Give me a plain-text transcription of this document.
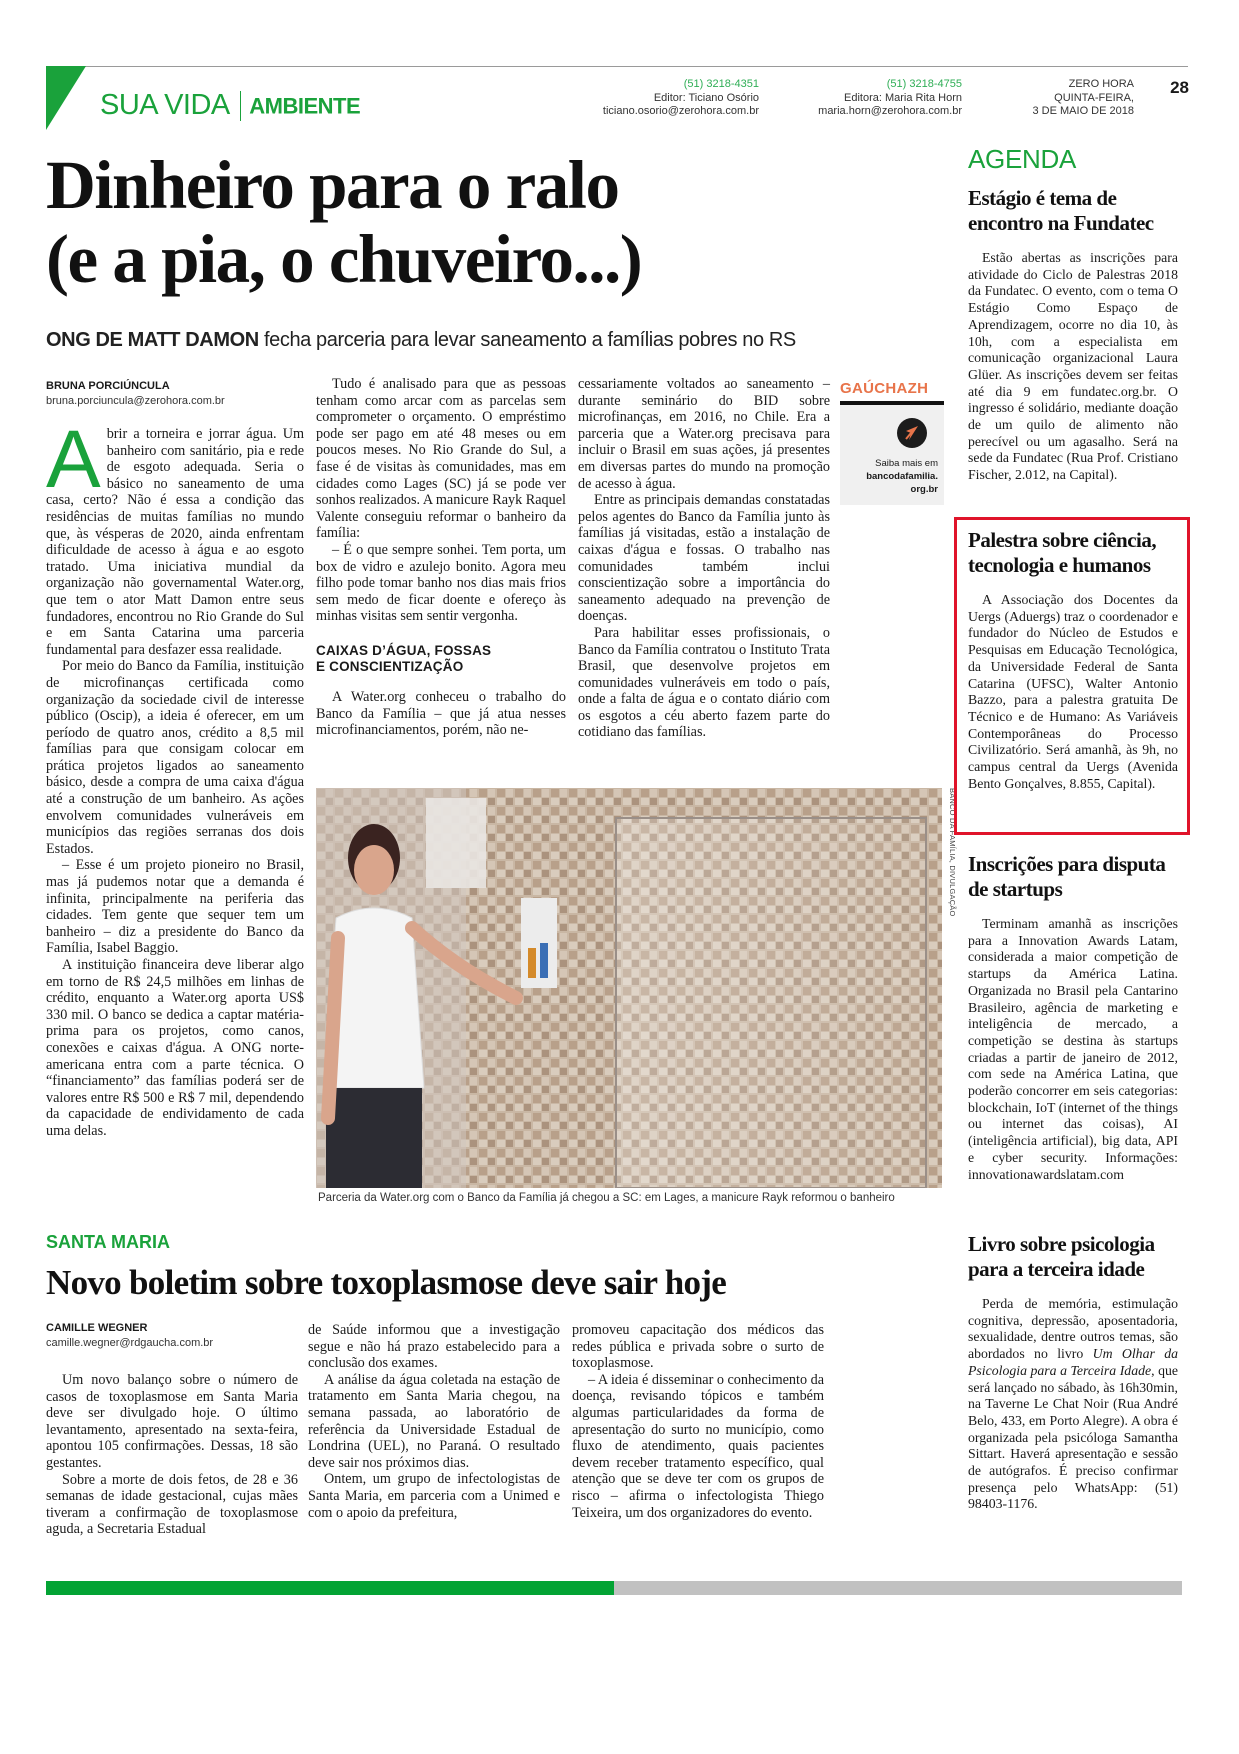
SUA VIDA AMBIENTE
(51) 3218-4351
Editor: Ticiano Osório
ticiano.osorio@zerohora.com.br
(51) 3218-4755
Editora: Maria Rita Horn
maria.horn@zerohora.com.br
ZERO HORA
QUINTA-FEIRA,
3 DE MAIO DE 2018
28
Dinheiro para o ralo
(e a pia, o chuveiro...)
ONG DE MATT DAMON fecha parceria para levar saneamento a famílias pobres no RS
BRUNA PORCIÚNCULA
bruna.porciuncula@zerohora.com.br

Abrir a torneira e jorrar água. Um banheiro com sanitário, pia e rede de esgoto adequada. Seria o básico no saneamento de uma casa, certo? Não é essa a condição das residências de muitas famílias no mundo que, às vésperas de 2020, ainda enfrentam dificuldade de acesso à água e ao esgoto tratado. Uma iniciativa mundial da organização não governamental Water.org, que tem o ator Matt Damon entre seus fundadores, encontrou no Rio Grande do Sul e em Santa Catarina uma parceria fundamental para desfazer essa realidade.

Por meio do Banco da Família, instituição de microfinanças certificada como organização da sociedade civil de interesse público (Oscip), a ideia é oferecer, em um período de quatro anos, crédito a 8,5 mil famílias para que consigam colocar em prática projetos ligados ao saneamento básico, desde a compra de uma caixa d'água até a construção de um banheiro. As ações envolvem comunidades vulneráveis em municípios das regiões serranas dos dois Estados.

– Esse é um projeto pioneiro no Brasil, mas já pudemos notar que a demanda é infinita, principalmente na periferia das cidades. Tem gente que sequer tem um banheiro – diz a presidente do Banco da Família, Isabel Baggio.

A instituição financeira deve liberar algo em torno de R$ 24,5 milhões em linhas de crédito, enquanto a Water.org aporta US$ 330 mil. O banco se dedica a captar matéria-prima para os projetos, como canos, conexões e caixas d'água. A ONG norte-americana entra com a parte técnica. O “financiamento” das famílias poderá ser de valores entre R$ 500 e R$ 7 mil, dependendo da capacidade de endividamento de cada uma delas.

Tudo é analisado para que as pessoas tenham como arcar com as parcelas sem comprometer o orçamento. O empréstimo pode ser pago em até 48 meses ou em poucos meses. No Rio Grande do Sul, a fase é de visitas às comunidades, mas em cidades como Lages (SC) já se pode ver sonhos realizados. A manicure Rayk Raquel Valente conseguiu reformar o banheiro da família:

– É o que sempre sonhei. Tem porta, um box de vidro e azulejo bonito. Agora meu filho pode tomar banho nos dias mais frios sem medo de ficar doente e ofereço às minhas visitas sem sentir vergonha.

CAIXAS D’ÁGUA, FOSSAS
E CONSCIENTIZAÇÃO

A Water.org conheceu o trabalho do Banco da Família – que já atua nesses microfinanciamentos, porém, não ne-

cessariamente voltados ao saneamento – durante seminário do BID sobre microfinanças, em 2016, no Chile. Era a parceria que a Water.org precisava para incluir o Brasil em suas ações, já presentes em diversas partes do mundo na promoção de acesso à água.

Entre as principais demandas constatadas pelos agentes do Banco da Família junto às famílias já visitadas, estão a instalação de caixas d'água e fossas. O trabalho nas comunidades também inclui conscientização sobre a importância do saneamento adequado na prevenção de doenças.

Para habilitar esses profissionais, o Banco da Família contratou o Instituto Trata Brasil, que desenvolve projetos em comunidades vulneráveis em todo o país, onde a falta de água e o contato diário com os esgotos a céu aberto fazem parte do cotidiano das famílias.

GAÚCHAZH
Saiba mais em
bancodafamilia.
org.br
BANCO DA FAMÍLIA, DIVULGAÇÃO
Parceria da Water.org com o Banco da Família já chegou a SC: em Lages, a manicure Rayk reformou o banheiro
AGENDA
Estágio é tema de encontro na Fundatec

Estão abertas as inscrições para atividade do Ciclo de Palestras 2018 da Fundatec. O evento, com o tema O Estágio Como Espaço de Aprendizagem, ocorre no dia 10, às 10h, com a especialista em comunicação organizacional Laura Glüer. As inscrições devem ser feitas até dia 9 em fundatec.org.br. O ingresso é solidário, mediante doação de um quilo de alimento não perecível ou um agasalho. Será na sede da Fundatec (Rua Prof. Cristiano Fischer, 2.012, na Capital).

Palestra sobre ciência, tecnologia e humanos

A Associação dos Docentes da Uergs (Aduergs) traz o coordenador e fundador do Núcleo de Estudos e Pesquisas em Educação Tecnológica, da Universidade Federal de Santa Catarina (UFSC), Walter Antonio Bazzo, para a palestra gratuita De Técnico e de Humano: As Variáveis Contemporâneas do Processo Civilizatório. Será amanhã, às 9h, no campus central da Uergs (Avenida Bento Gonçalves, 8.855, Capital).

Inscrições para disputa de startups

Terminam amanhã as inscrições para a Innovation Awards Latam, considerada a maior competição de startups da América Latina. Organizada no Brasil pela Cantarino Brasileiro, agência de marketing e inteligência de mercado, a competição se destina às startups criadas a partir de janeiro de 2012, com sede na América Latina, que poderão concorrer em seis categorias: blockchain, IoT (internet of the things ou internet das coisas), AI (inteligência artificial), big data, API e cyber security. Informações: innovationawardslatam.com

Livro sobre psicologia para a terceira idade

Perda de memória, estimulação cognitiva, depressão, aposentadoria, sexualidade, dentre outros temas, são abordados no livro Um Olhar da Psicologia para a Terceira Idade, que será lançado no sábado, às 16h30min, na Taverne Le Chat Noir (Rua André Belo, 433, em Porto Alegre). A obra é organizada pela psicóloga Samantha Sittart. Haverá apresentação e sessão de autógrafos. É preciso confirmar presença pelo WhatsApp: (51) 98403-1176.

SANTA MARIA
Novo boletim sobre toxoplasmose deve sair hoje
CAMILLE WEGNER
camille.wegner@rdgaucha.com.br

Um novo balanço sobre o número de casos de toxoplasmose em Santa Maria deve ser divulgado hoje. O último levantamento, apresentado na sexta-feira, apontou 105 confirmações. Dessas, 18 são gestantes.

Sobre a morte de dois fetos, de 28 e 36 semanas de idade gestacional, cujas mães tiveram a confirmação de toxoplasmose aguda, a Secretaria Estadual

de Saúde informou que a investigação segue e não há prazo estabelecido para a conclusão dos exames.

A análise da água coletada na estação de tratamento em Santa Maria chegou, na semana passada, ao laboratório de referência da Universidade Estadual de Londrina (UEL), no Paraná. O resultado deve sair nos próximos dias.

Ontem, um grupo de infectologistas de Santa Maria, em parceria com a Unimed e com o apoio da prefeitura,

promoveu capacitação dos médicos das redes pública e privada sobre o surto de toxoplasmose.

– A ideia é disseminar o conhecimento da doença, revisando tópicos e também algumas particularidades da forma de apresentação do surto no município, como fluxo de atendimento, quais pacientes devem receber tratamento específico, qual atenção que se deve ter com os grupos de risco – afirma o infectologista Thiego Teixeira, um dos organizadores do evento.
